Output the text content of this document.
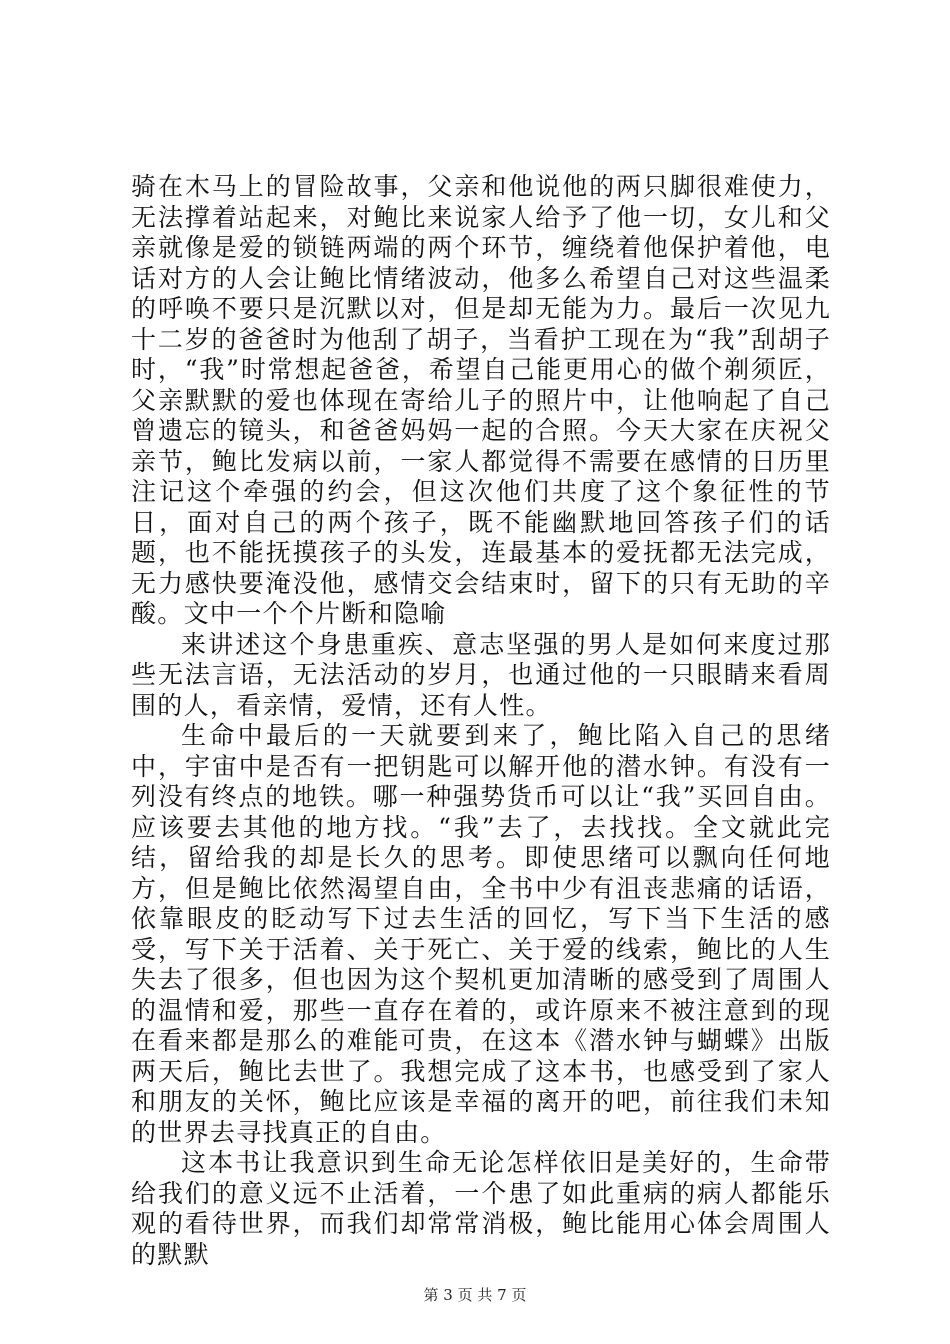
骑在木马上的冒险故事，父亲和他说他的两只脚很难使力，无法撑着站起来，对鲍比来说家人给予了他一切，女儿和父亲就像是爱的锁链两端的两个环节，缠绕着他保护着他，电话对方的人会让鲍比情绪波动，他多么希望自己对这些温柔的呼唤不要只是沉默以对，但是却无能为力。最后一次见九十二岁的爸爸时为他刮了胡子，当看护工现在为“我”刮胡子时，“我”时常想起爸爸，希望自己能更用心的做个剃须匠，父亲默默的爱也体现在寄给儿子的照片中，让他响起了自己曾遗忘的镜头，和爸爸妈妈一起的合照。今天大家在庆祝父亲节，鲍比发病以前，一家人都觉得不需要在感情的日历里注记这个牵强的约会，但这次他们共度了这个象征性的节日，面对自己的两个孩子，既不能幽默地回答孩子们的话题，也不能抚摸孩子的头发，连最基本的爱抚都无法完成，无力感快要淹没他，感情交会结束时，留下的只有无助的辛酸。文中一个个片断和隐喻

来讲述这个身患重疾、意志坚强的男人是如何来度过那些无法言语，无法活动的岁月，也通过他的一只眼睛来看周围的人，看亲情，爱情，还有人性。

生命中最后的一天就要到来了，鲍比陷入自己的思绪中，宇宙中是否有一把钥匙可以解开他的潜水钟。有没有一列没有终点的地铁。哪一种强势货币可以让“我”买回自由。应该要去其他的地方找。“我”去了，去找找。全文就此完结，留给我的却是长久的思考。即使思绪可以飘向任何地方，但是鲍比依然渴望自由，全书中少有沮丧悲痛的话语，依靠眼皮的眨动写下过去生活的回忆，写下当下生活的感受，写下关于活着、关于死亡、关于爱的线索，鲍比的人生失去了很多，但也因为这个契机更加清晰的感受到了周围人的温情和爱，那些一直存在着的，或许原来不被注意到的现在看来都是那么的难能可贵，在这本《潜水钟与蝴蝶》出版两天后，鲍比去世了。我想完成了这本书，也感受到了家人和朋友的关怀，鲍比应该是幸福的离开的吧，前往我们未知的世界去寻找真正的自由。

这本书让我意识到生命无论怎样依旧是美好的，生命带给我们的意义远不止活着，一个患了如此重病的病人都能乐观的看待世界，而我们却常常消极，鲍比能用心体会周围人的默默

第 3 页 共 7 页
